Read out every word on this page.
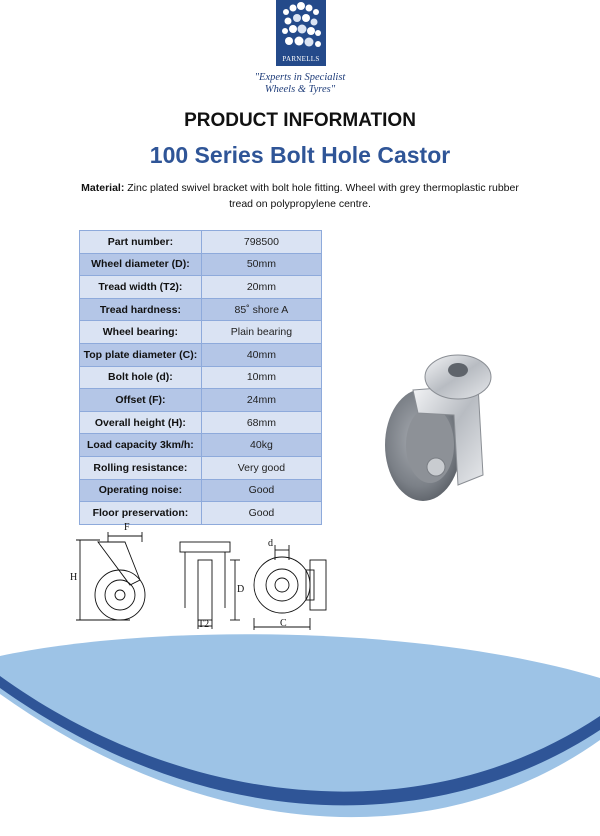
PARNELLS
"Experts in Specialist
Wheels & Tyres"
PRODUCT INFORMATION
100 Series Bolt Hole Castor
Material: Zinc plated swivel bracket with bolt hole fitting. Wheel with grey thermoplastic rubber tread on polypropylene centre.
Part number:	798500
Wheel diameter (D):	50mm
Tread width (T2):	20mm
Tread hardness:	85˚ shore A
Wheel bearing:	Plain bearing
Top plate diameter (C):	40mm
Bolt hole (d):	10mm
Offset (F):	24mm
Overall height (H):	68mm
Load capacity 3km/h:	40kg
Rolling resistance:	Very good
Operating noise:	Good
Floor preservation:	Good
F
H
T2
D
d
C
